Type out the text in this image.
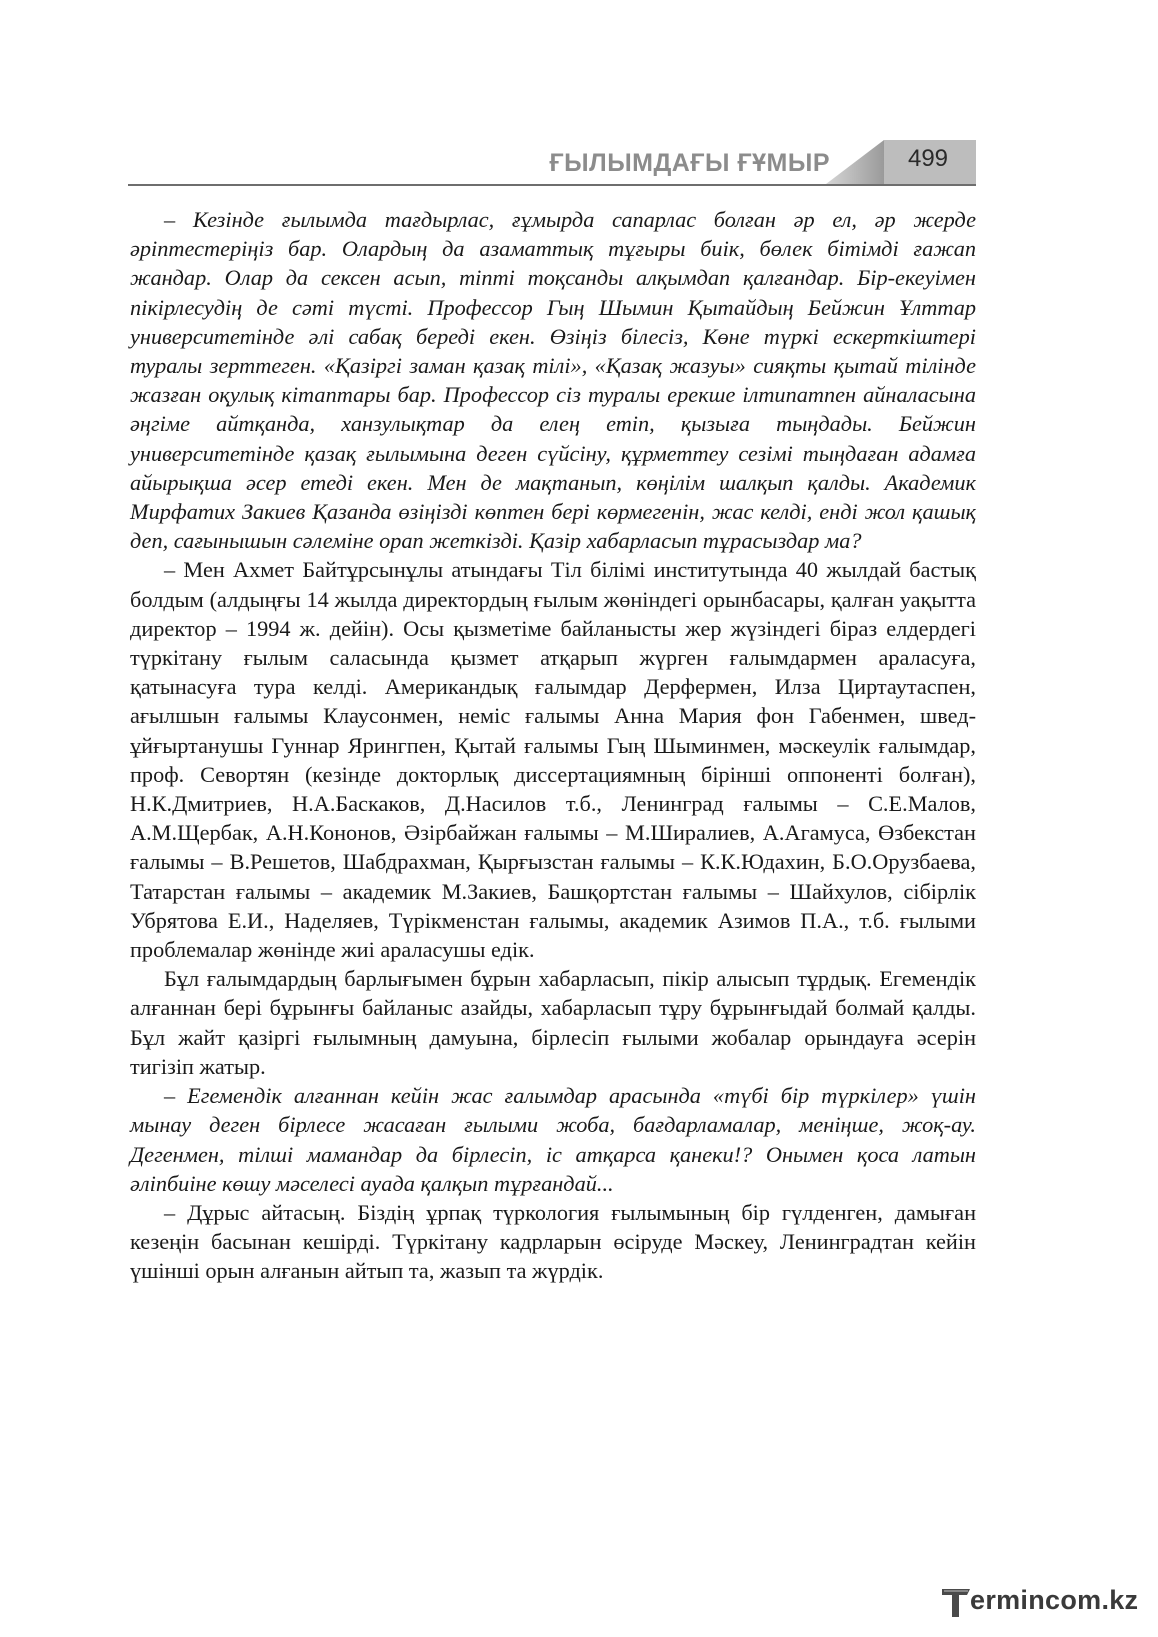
ҒЫЛЫМДАҒЫ ҒҰМЫР	499

– Кезінде ғылымда тағдырлас, ғұмырда сапарлас болған әр ел, әр жерде әріптестеріңіз бар. Олардың да азаматтық тұғыры биік, бөлек бітімді ғажап жандар. Олар да сексен асып, тіпті тоқсанды алқымдап қалғандар. Бір-екеуімен пікірлесудің де сәті түсті. Профессор Гың Шымин Қытайдың Бейжин Ұлттар университетінде әлі сабақ береді екен. Өзіңіз білесіз, Көне түркі ескерткіштері туралы зерттеген. «Қазіргі заман қазақ тілі», «Қазақ жазуы» сияқты қытай тілінде жазған оқулық кітаптары бар. Профессор сіз туралы ерекше ілтипатпен айналасына әңгіме айтқанда, ханзулықтар да елең етіп, қызыға тыңдады. Бейжин университетінде қазақ ғылымына деген сүйсіну, құрметтеу сезімі тыңдаған адамға айырықша әсер етеді екен. Мен де мақтанып, көңілім шалқып қалды. Академик Мирфатих Закиев Қазанда өзіңізді көптен бері көрмегенін, жас келді, енді жол қашық деп, сағынышын сәлеміне орап жеткізді. Қазір хабарласып тұрасыздар ма?

– Мен Ахмет Байтұрсынұлы атындағы Тіл білімі институтында 40 жылдай бастық болдым (алдыңғы 14 жылда директордың ғылым жөніндегі орынбасары, қалған уақытта директор – 1994 ж. дейін). Осы қызметіме байланысты жер жүзіндегі біраз елдердегі түркітану ғылым саласында қызмет атқарып жүрген ғалымдармен араласуға, қатынасуға тура келді. Американдық ғалымдар Дерфермен, Илза Циртаутаспен, ағылшын ғалымы Клаусонмен, неміс ғалымы Анна Мария фон Габенмен, швед-ұйғыртанушы Гуннар Ярингпен, Қытай ғалымы Гың Шыминмен, мәскеулік ғалымдар, проф. Севортян (кезінде докторлық диссертациямның бірінші оппоненті болған), Н.К.Дмитриев, Н.А.Баскаков, Д.Насилов т.б., Ленинград ғалымы – С.Е.Малов, А.М.Щербак, А.Н.Кононов, Әзірбайжан ғалымы – М.Ширалиев, А.Агамуса, Өзбекстан ғалымы – В.Решетов, Шабдрахман, Қырғызстан ғалымы – К.К.Юдахин, Б.О.Орузбаева, Татарстан ғалымы – академик М.Закиев, Башқортстан ғалымы – Шайхулов, сібірлік Убрятова Е.И., Наделяев, Түрікменстан ғалымы, академик Азимов П.А., т.б. ғылыми проблемалар жөнінде жиі араласушы едік.

Бұл ғалымдардың барлығымен бұрын хабарласып, пікір алысып тұрдық. Егемендік алғаннан бері бұрынғы байланыс азайды, хабарласып тұру бұрынғыдай болмай қалды. Бұл жайт қазіргі ғылымның дамуына, бірлесіп ғылыми жобалар орындауға әсерін тигізіп жатыр.

– Егемендік алғаннан кейін жас ғалымдар арасында «түбі бір түркілер» үшін мынау деген бірлесе жасаған ғылыми жоба, бағдарламалар, меніңше, жоқ-ау. Дегенмен, тілші мамандар да бірлесіп, іс атқарса қанеки!? Онымен қоса латын әліпбиіне көшу мәселесі ауада қалқып тұрғандай...

– Дұрыс айтасың. Біздің ұрпақ түркология ғылымының бір гүлденген, дамыған кезеңін басынан кешірді. Түркітану кадрларын өсіруде Мәскеу, Ленинградтан кейін үшінші орын алғанын айтып та, жазып та жүрдік.

ermincom.kz
